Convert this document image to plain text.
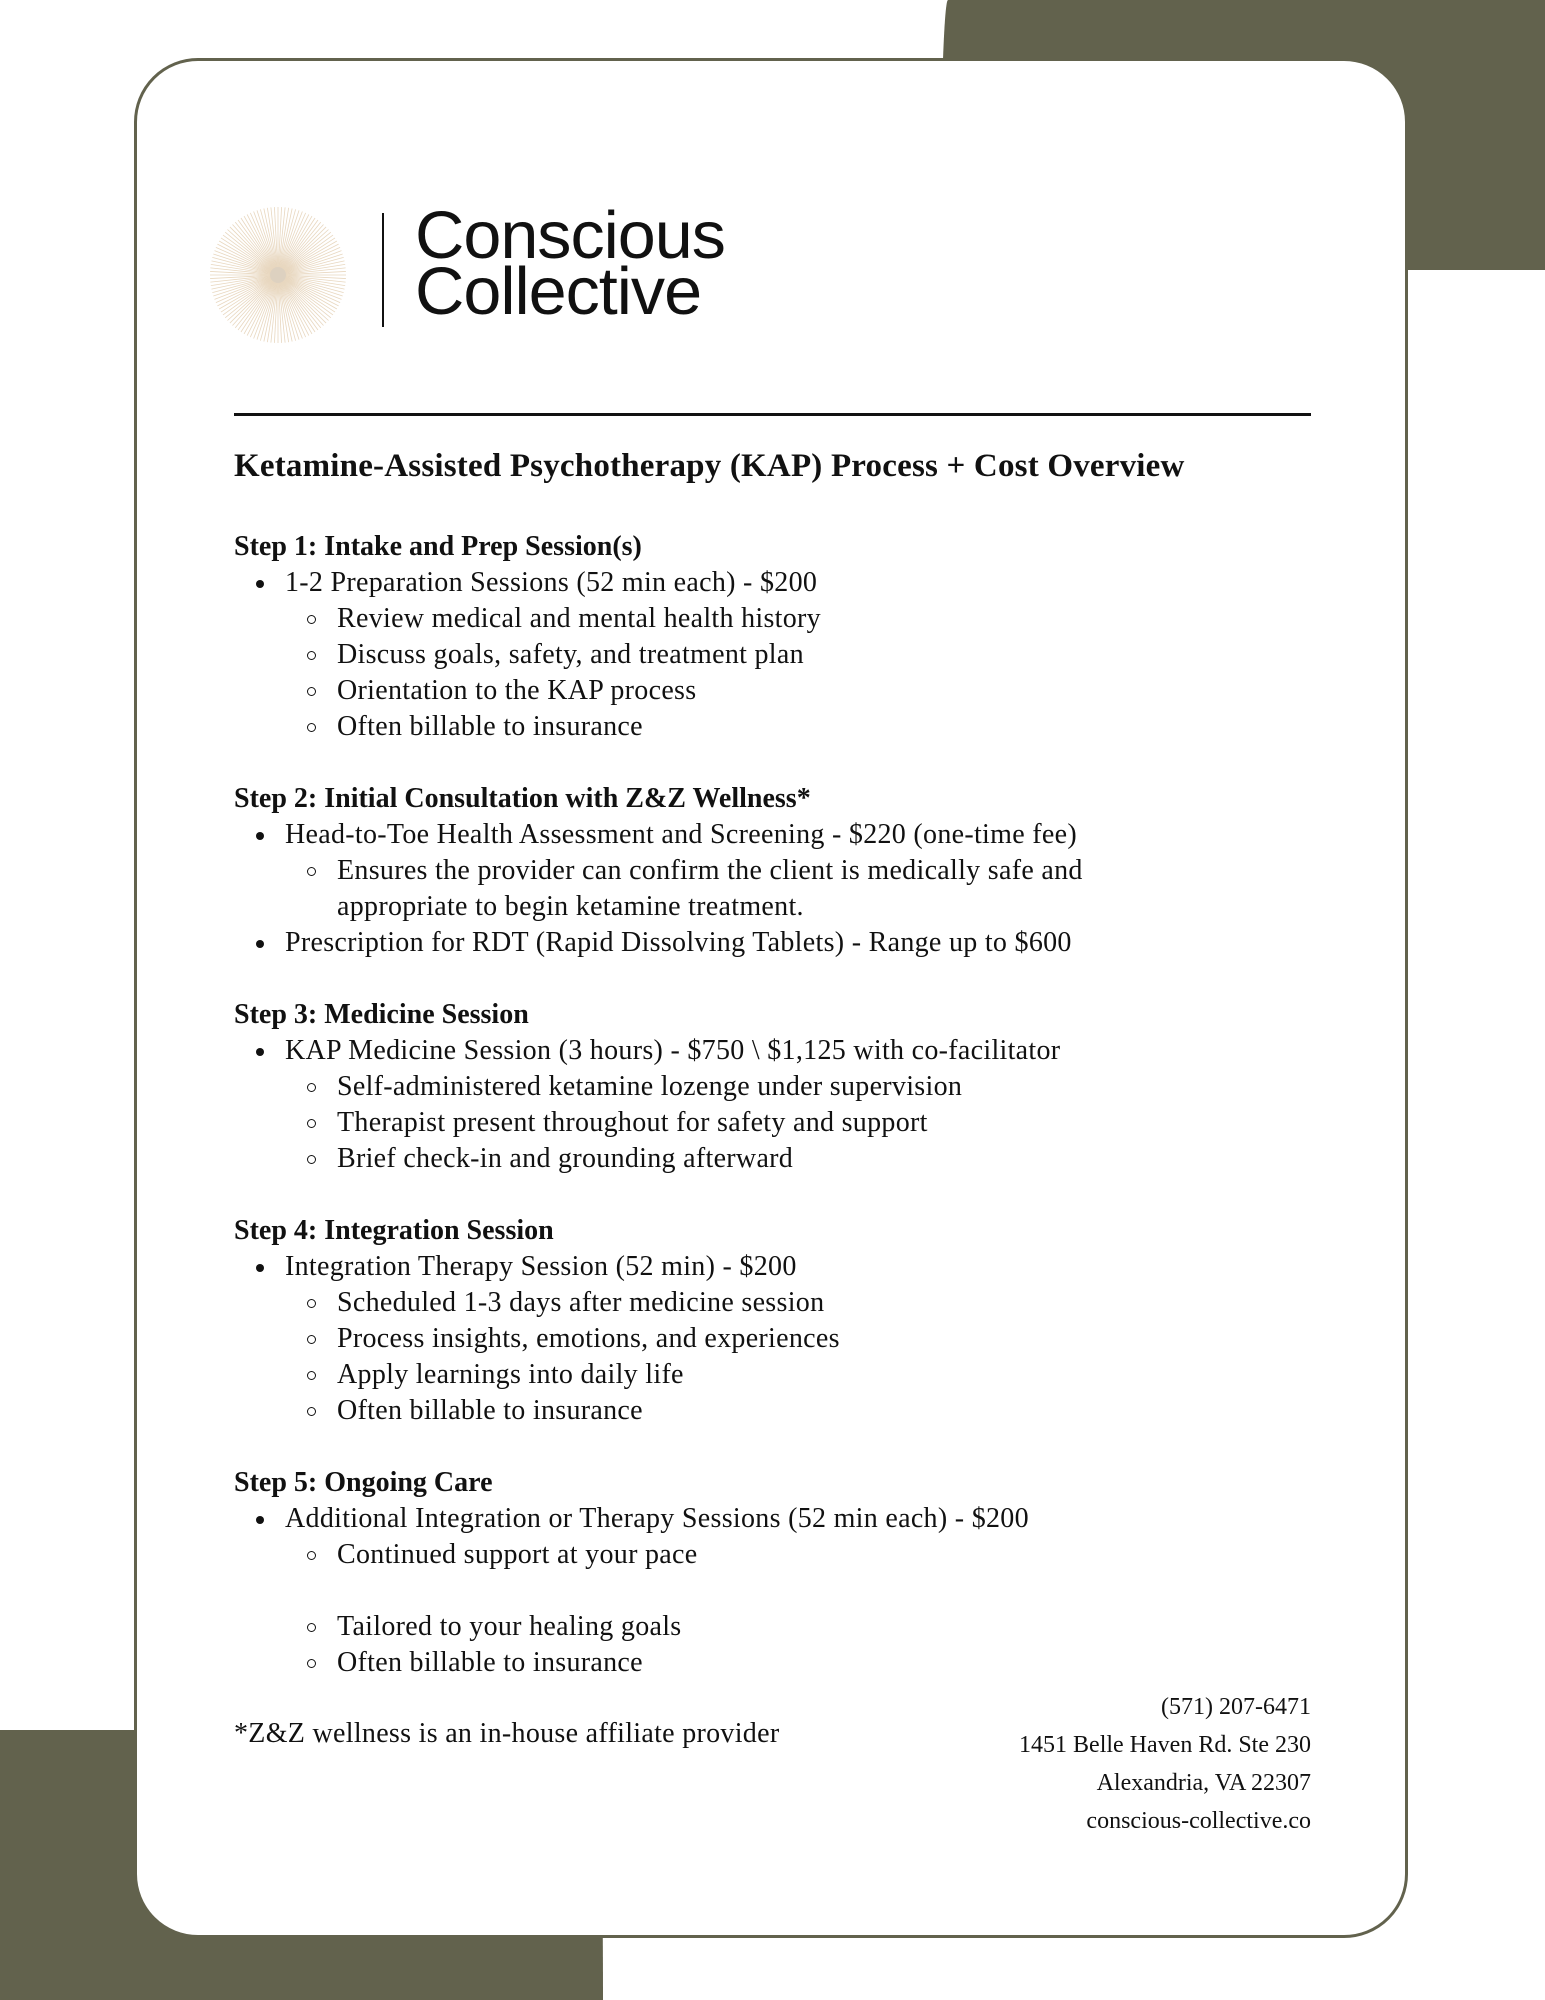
Conscious
Collective
Ketamine-Assisted Psychotherapy (KAP) Process + Cost Overview
Step 1: Intake and Prep Session(s)
1-2 Preparation Sessions (52 min each) - $200
Review medical and mental health history
Discuss goals, safety, and treatment plan
Orientation to the KAP process
Often billable to insurance
Step 2: Initial Consultation with Z&Z Wellness*
Head-to-Toe Health Assessment and Screening - $220 (one-time fee)
Ensures the provider can confirm the client is medically safe and
appropriate to begin ketamine treatment.
Prescription for RDT (Rapid Dissolving Tablets) - Range up to $600
Step 3: Medicine Session
KAP Medicine Session (3 hours) - $750 \ $1,125 with co-facilitator
Self-administered ketamine lozenge under supervision
Therapist present throughout for safety and support
Brief check-in and grounding afterward
Step 4: Integration Session
Integration Therapy Session (52 min) - $200
Scheduled 1-3 days after medicine session
Process insights, emotions, and experiences
Apply learnings into daily life
Often billable to insurance
Step 5: Ongoing Care
Additional Integration or Therapy Sessions (52 min each) - $200
Continued support at your pace
Tailored to your healing goals
Often billable to insurance
*Z&Z wellness is an in-house affiliate provider
(571) 207-6471
1451 Belle Haven Rd. Ste 230
Alexandria, VA 22307
conscious-collective.co
